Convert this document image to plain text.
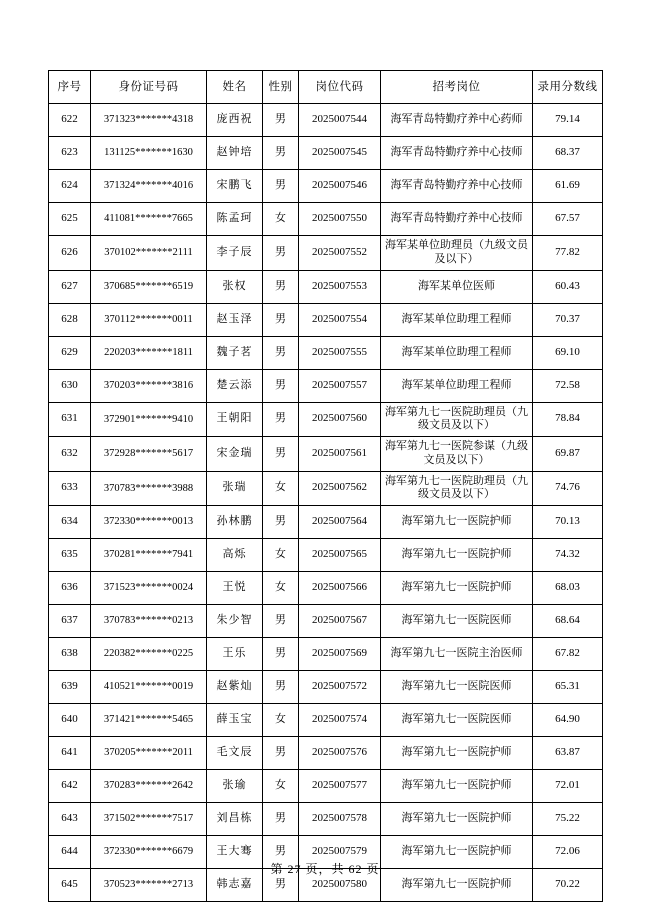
序号	身份证号码	姓名	性别	岗位代码	招考岗位	录用分数线
622	371323*******4318	庞西祝	男	2025007544	海军青岛特勤疗养中心药师	79.14
623	131125*******1630	赵钟培	男	2025007545	海军青岛特勤疗养中心技师	68.37
624	371324*******4016	宋鹏飞	男	2025007546	海军青岛特勤疗养中心技师	61.69
625	411081*******7665	陈孟珂	女	2025007550	海军青岛特勤疗养中心技师	67.57
626	370102*******2111	李子辰	男	2025007552	海军某单位助理员（九级文员及以下）	77.82
627	370685*******6519	张权	男	2025007553	海军某单位医师	60.43
628	370112*******0011	赵玉泽	男	2025007554	海军某单位助理工程师	70.37
629	220203*******1811	魏子茗	男	2025007555	海军某单位助理工程师	69.10
630	370203*******3816	楚云添	男	2025007557	海军某单位助理工程师	72.58
631	372901*******9410	王朝阳	男	2025007560	海军第九七一医院助理员（九级文员及以下）	78.84
632	372928*******5617	宋金瑞	男	2025007561	海军第九七一医院参谋（九级文员及以下）	69.87
633	370783*******3988	张瑞	女	2025007562	海军第九七一医院助理员（九级文员及以下）	74.76
634	372330*******0013	孙林鹏	男	2025007564	海军第九七一医院护师	70.13
635	370281*******7941	高烁	女	2025007565	海军第九七一医院护师	74.32
636	371523*******0024	王悦	女	2025007566	海军第九七一医院护师	68.03
637	370783*******0213	朱少智	男	2025007567	海军第九七一医院医师	68.64
638	220382*******0225	王乐	男	2025007569	海军第九七一医院主治医师	67.82
639	410521*******0019	赵紫灿	男	2025007572	海军第九七一医院医师	65.31
640	371421*******5465	薛玉宝	女	2025007574	海军第九七一医院医师	64.90
641	370205*******2011	毛文辰	男	2025007576	海军第九七一医院护师	63.87
642	370283*******2642	张瑜	女	2025007577	海军第九七一医院护师	72.01
643	371502*******7517	刘昌栋	男	2025007578	海军第九七一医院护师	75.22
644	372330*******6679	王大骞	男	2025007579	海军第九七一医院护师	72.06
645	370523*******2713	韩志嘉	男	2025007580	海军第九七一医院护师	70.22
第 27 页，共 62 页
